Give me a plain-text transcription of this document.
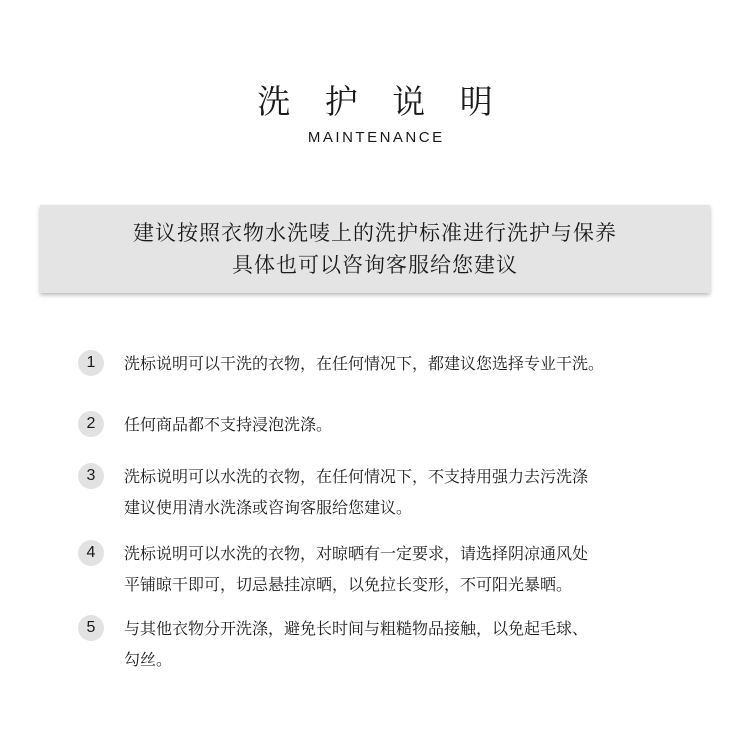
洗 护 说 明
MAINTENANCE
建议按照衣物水洗唛上的洗护标准进行洗护与保养
具体也可以咨询客服给您建议
1	洗标说明可以干洗的衣物，在任何情况下，都建议您选择专业干洗。
2	任何商品都不支持浸泡洗涤。
3	洗标说明可以水洗的衣物，在任何情况下，不支持用强力去污洗涤
建议使用清水洗涤或咨询客服给您建议。
4	洗标说明可以水洗的衣物，对晾晒有一定要求，请选择阴凉通风处
平铺晾干即可，切忌悬挂凉晒，以免拉长变形，不可阳光暴晒。
5	与其他衣物分开洗涤，避免长时间与粗糙物品接触，以免起毛球、
勾丝。
